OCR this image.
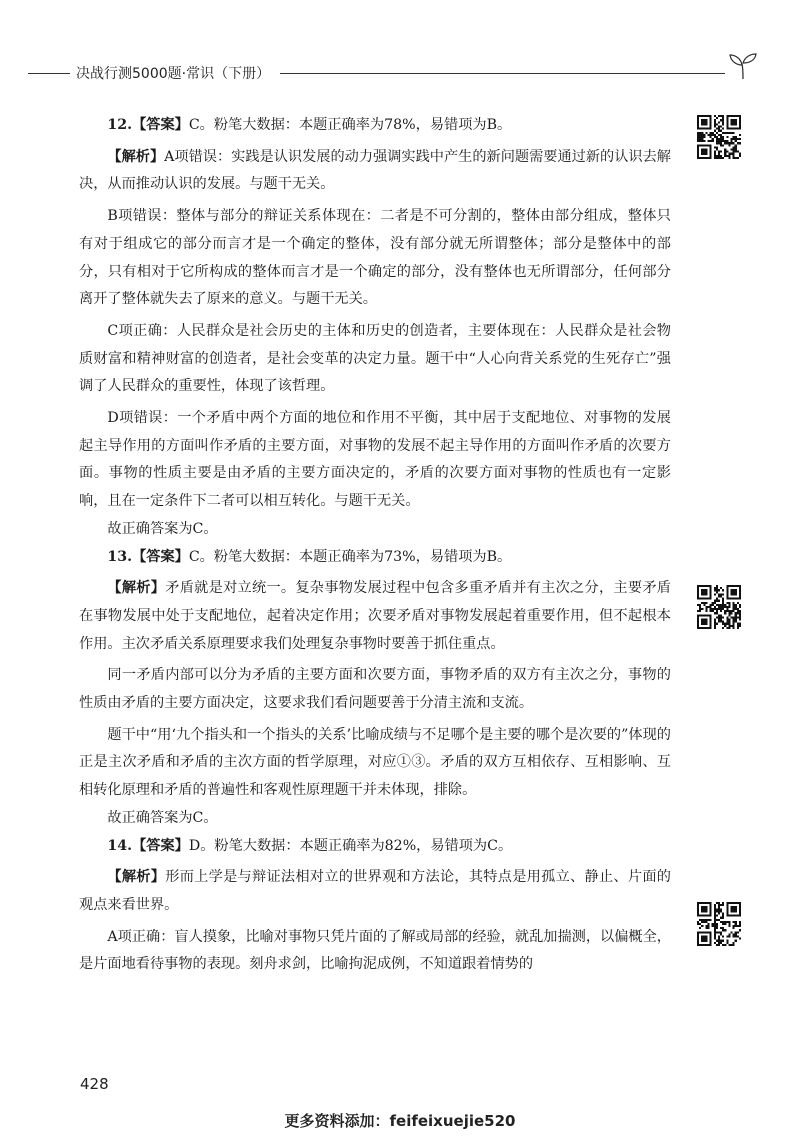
决战行测5000题·常识（下册）

12.【答案】C。粉笔大数据：本题正确率为78%，易错项为B。

【解析】A项错误：实践是认识发展的动力强调实践中产生的新问题需要通过新的认识去解决，从而推动认识的发展。与题干无关。

B项错误：整体与部分的辩证关系体现在：二者是不可分割的，整体由部分组成，整体只有对于组成它的部分而言才是一个确定的整体，没有部分就无所谓整体；部分是整体中的部分，只有相对于它所构成的整体而言才是一个确定的部分，没有整体也无所谓部分，任何部分离开了整体就失去了原来的意义。与题干无关。

C项正确：人民群众是社会历史的主体和历史的创造者，主要体现在：人民群众是社会物质财富和精神财富的创造者，是社会变革的决定力量。题干中“人心向背关系党的生死存亡”强调了人民群众的重要性，体现了该哲理。

D项错误：一个矛盾中两个方面的地位和作用不平衡，其中居于支配地位、对事物的发展起主导作用的方面叫作矛盾的主要方面，对事物的发展不起主导作用的方面叫作矛盾的次要方面。事物的性质主要是由矛盾的主要方面决定的，矛盾的次要方面对事物的性质也有一定影响，且在一定条件下二者可以相互转化。与题干无关。

故正确答案为C。

13.【答案】C。粉笔大数据：本题正确率为73%，易错项为B。

【解析】矛盾就是对立统一。复杂事物发展过程中包含多重矛盾并有主次之分，主要矛盾在事物发展中处于支配地位，起着决定作用；次要矛盾对事物发展起着重要作用，但不起根本作用。主次矛盾关系原理要求我们处理复杂事物时要善于抓住重点。

同一矛盾内部可以分为矛盾的主要方面和次要方面，事物矛盾的双方有主次之分，事物的性质由矛盾的主要方面决定，这要求我们看问题要善于分清主流和支流。

题干中“用‘九个指头和一个指头的关系’比喻成绩与不足哪个是主要的哪个是次要的”体现的正是主次矛盾和矛盾的主次方面的哲学原理，对应①③。矛盾的双方互相依存、互相影响、互相转化原理和矛盾的普遍性和客观性原理题干并未体现，排除。

故正确答案为C。

14.【答案】D。粉笔大数据：本题正确率为82%，易错项为C。

【解析】形而上学是与辩证法相对立的世界观和方法论，其特点是用孤立、静止、片面的观点来看世界。

A项正确：盲人摸象，比喻对事物只凭片面的了解或局部的经验，就乱加揣测，以偏概全，是片面地看待事物的表现。刻舟求剑，比喻拘泥成例，不知道跟着情势的

428
更多资料添加：feifeixuejie520
